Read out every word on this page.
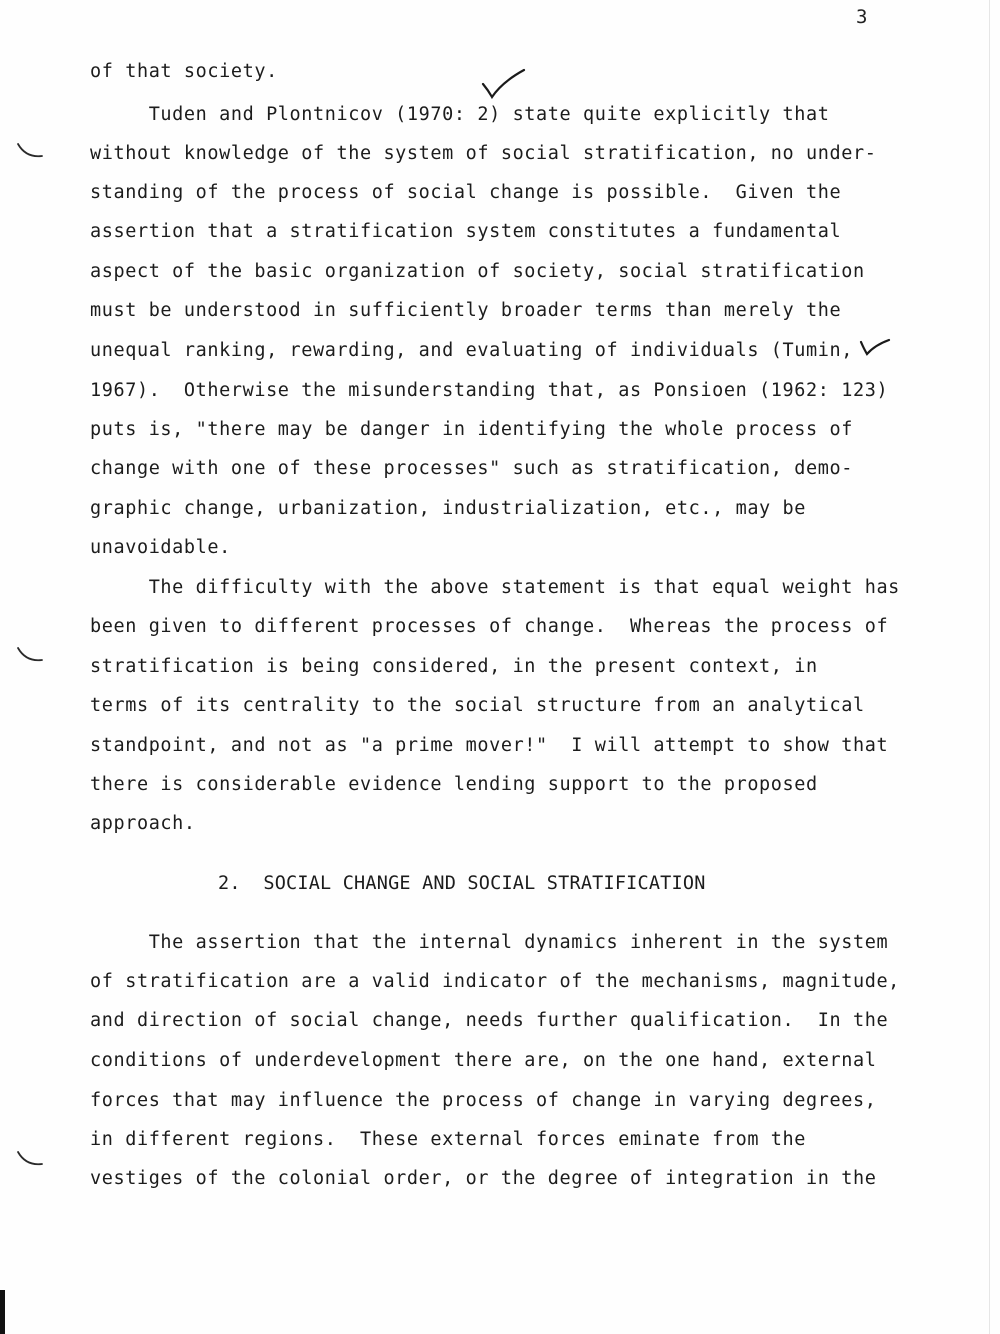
3
of that society.
Tuden and Plontnicov (1970: 2) state quite explicitly that
without knowledge of the system of social stratification, no under-
standing of the process of social change is possible.  Given the
assertion that a stratification system constitutes a fundamental
aspect of the basic organization of society, social stratification
must be understood in sufficiently broader terms than merely the
unequal ranking, rewarding, and evaluating of individuals (Tumin,
1967).  Otherwise the misunderstanding that, as Ponsioen (1962: 123)
puts is, "there may be danger in identifying the whole process of
change with one of these processes" such as stratification, demo-
graphic change, urbanization, industrialization, etc., may be
unavoidable.
The difficulty with the above statement is that equal weight has
been given to different processes of change.  Whereas the process of
stratification is being considered, in the present context, in
terms of its centrality to the social structure from an analytical
standpoint, and not as "a prime mover!"  I will attempt to show that
there is considerable evidence lending support to the proposed
approach.
2.  SOCIAL CHANGE AND SOCIAL STRATIFICATION
The assertion that the internal dynamics inherent in the system
of stratification are a valid indicator of the mechanisms, magnitude,
and direction of social change, needs further qualification.  In the
conditions of underdevelopment there are, on the one hand, external
forces that may influence the process of change in varying degrees,
in different regions.  These external forces eminate from the
vestiges of the colonial order, or the degree of integration in the
